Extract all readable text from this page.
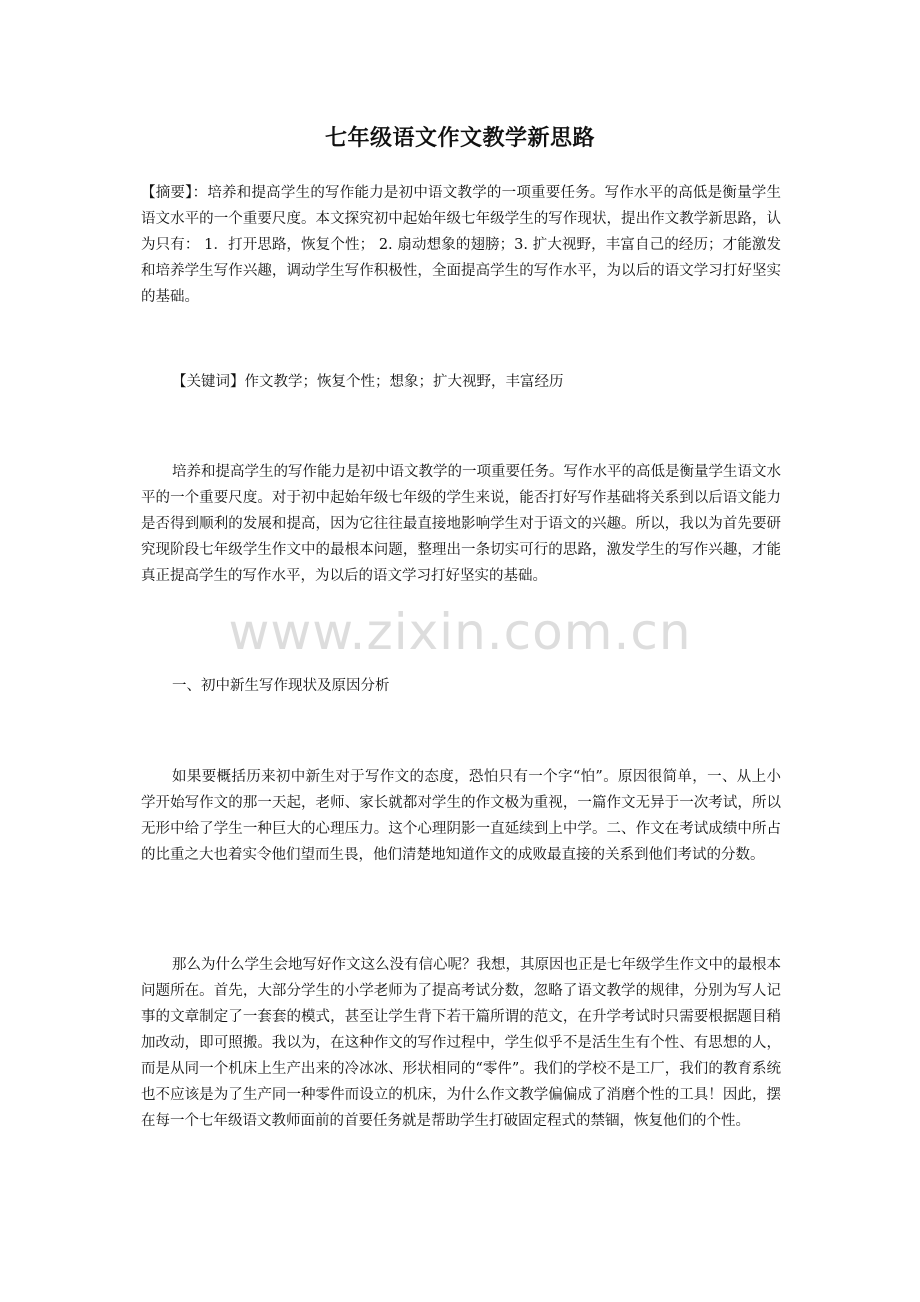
七年级语文作文教学新思路
【摘要】：培养和提高学生的写作能力是初中语文教学的一项重要任务。写作水平的高低是衡量学生语文水平的一个重要尺度。本文探究初中起始年级七年级学生的写作现状，提出作文教学新思路，认为只有： 1．打开思路，恢复个性； 2. 扇动想象的翅膀；3. 扩大视野，丰富自己的经历；才能激发和培养学生写作兴趣，调动学生写作积极性，全面提高学生的写作水平，为以后的语文学习打好坚实的基础。
【关键词】作文教学；恢复个性；想象；扩大视野，丰富经历
培养和提高学生的写作能力是初中语文教学的一项重要任务。写作水平的高低是衡量学生语文水平的一个重要尺度。对于初中起始年级七年级的学生来说，能否打好写作基础将关系到以后语文能力是否得到顺利的发展和提高，因为它往往最直接地影响学生对于语文的兴趣。所以，我以为首先要研究现阶段七年级学生作文中的最根本问题，整理出一条切实可行的思路，激发学生的写作兴趣，才能真正提高学生的写作水平，为以后的语文学习打好坚实的基础。
www.zixin.com.cn
一、初中新生写作现状及原因分析
如果要概括历来初中新生对于写作文的态度，恐怕只有一个字“怕”。原因很简单，一、从上小学开始写作文的那一天起，老师、家长就都对学生的作文极为重视，一篇作文无异于一次考试，所以无形中给了学生一种巨大的心理压力。这个心理阴影一直延续到上中学。二、作文在考试成绩中所占的比重之大也着实令他们望而生畏，他们清楚地知道作文的成败最直接的关系到他们考试的分数。
那么为什么学生会地写好作文这么没有信心呢？我想，其原因也正是七年级学生作文中的最根本问题所在。首先，大部分学生的小学老师为了提高考试分数，忽略了语文教学的规律，分别为写人记事的文章制定了一套套的模式，甚至让学生背下若干篇所谓的范文，在升学考试时只需要根据题目稍加改动，即可照搬。我以为，在这种作文的写作过程中，学生似乎不是活生生有个性、有思想的人，而是从同一个机床上生产出来的冷冰冰、形状相同的“零件”。我们的学校不是工厂，我们的教育系统也不应该是为了生产同一种零件而设立的机床，为什么作文教学偏偏成了消磨个性的工具！因此，摆在每一个七年级语文教师面前的首要任务就是帮助学生打破固定程式的禁锢，恢复他们的个性。
